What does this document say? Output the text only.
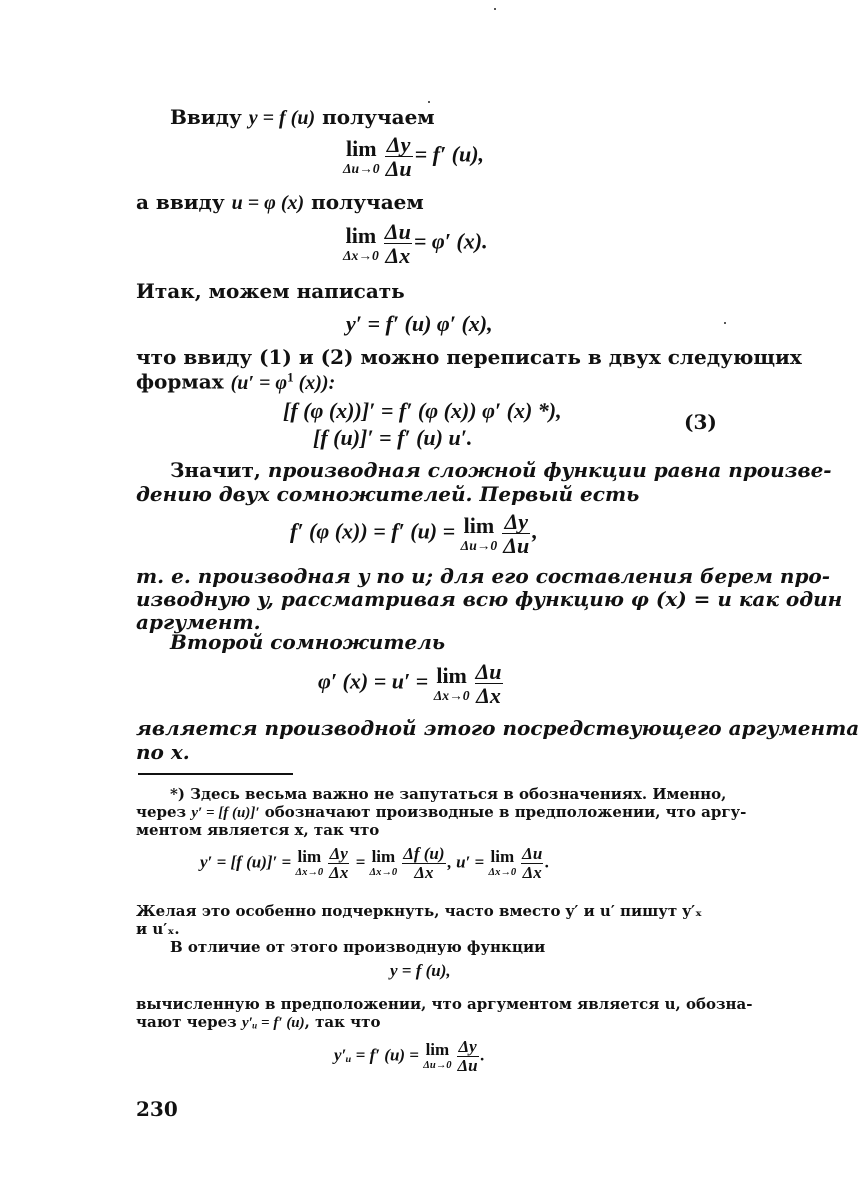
Ввиду y = f (u) получаем
lim
$\Delta u\to 0 \frac{\Delta y}{\Delta u} = f'$ (u),
а ввиду u = φ (x) получаем
lim
$\Delta x\to 0 \frac{\Delta u}{\Delta x} = \varphi'$ (x).
Итак, можем написать
y′ = f′ (u) φ′ (x),
что ввиду (1) и (2) можно переписать в двух следующих
формах ($u' = \varphi^1$ (x)):
[f (φ (x))]′ = f′ (φ (x)) φ′ (x) *),
[f (u)]′ = f′ (u) u′.
(3)
Значит, производная сложной функции равна произве-
дению двух сомножителей. Первый есть
f′ (φ (x)) = f′ (u) = lim
$\Delta u\to 0 \frac{\Delta y}{\Delta u}$ ,
т. е. производная y по u; для его составления берем про-
изводную y, рассматривая всю функцию φ (x) = u как один
аргумент.
Второй сомножитель
φ′ (x) = u′ = lim
$\Delta x\to 0 \frac{\Delta u}{\Delta x}$
является производной этого посредствующего аргумента
по x.
*) Здесь весьма важно не запутаться в обозначениях. Именно,
через y′ = [f (u)]′ обозначают производные в предположении, что аргу-
ментом является x, так что
y′ = [f (u)]′ = lim
$\Delta x\to 0 \frac{\Delta y}{\Delta x} = \lim$
$\Delta x\to 0 \frac{\Delta f (u)}{\Delta x}$ , u′ = lim
$\Delta x\to 0 \frac{\Delta u}{\Delta x}$ .
Желая это особенно подчеркнуть, часто вместо y′ и u′ пишут y′ₓ
и u′ₓ.
В отличие от этого производную функции
y = f (u),
вычисленную в предположении, что аргументом является u, обозна-
чают через y′ᵤ = f′ (u), так что
y′ᵤ = f′ (u) = lim
$\Delta u\to 0 \frac{\Delta y}{\Delta u}$ .
230
